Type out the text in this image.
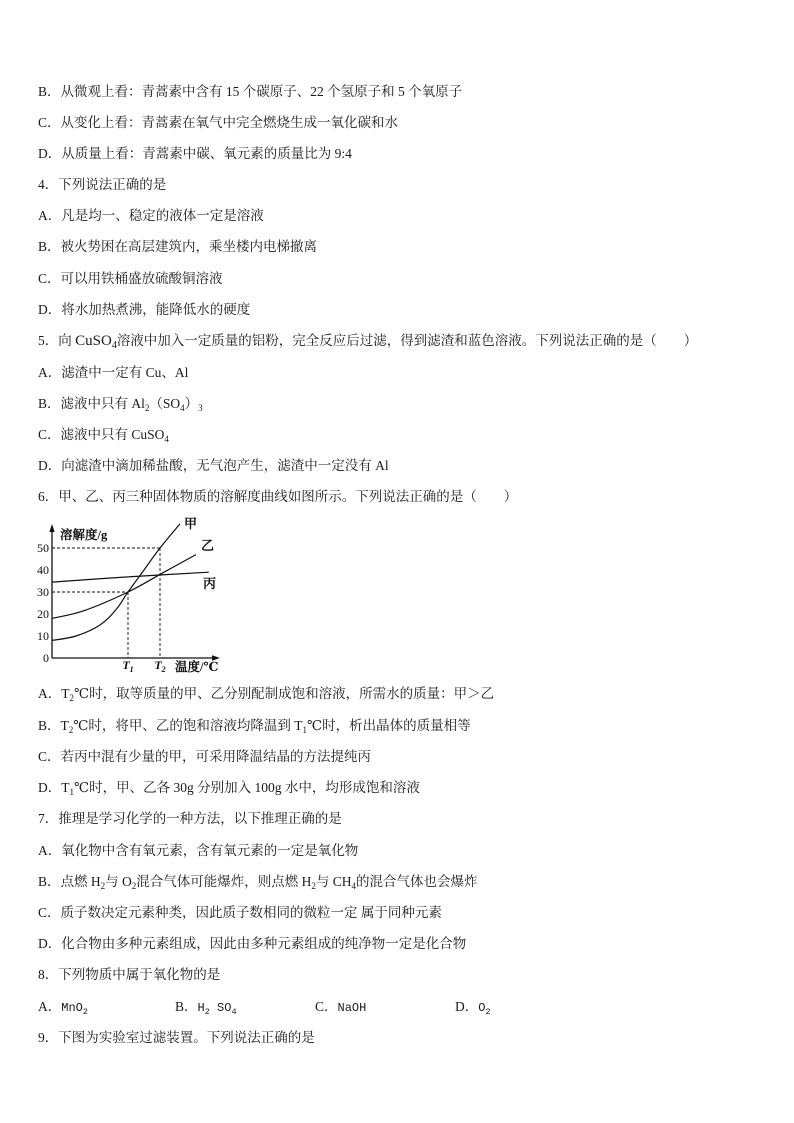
B．从微观上看：青蒿素中含有 15 个碳原子、22 个氢原子和 5 个氧原子
C．从变化上看：青蒿素在氧气中完全燃烧生成一氧化碳和水
D．从质量上看：青蒿素中碳、氧元素的质量比为 9:4
4．下列说法正确的是
A．凡是均一、稳定的液体一定是溶液
B．被火势困在高层建筑内，乘坐楼内电梯撤离
C．可以用铁桶盛放硫酸铜溶液
D．将水加热煮沸，能降低水的硬度
5．向 CuSO$_4$溶液中加入一定质量的铝粉，完全反应后过滤，得到滤渣和蓝色溶液。下列说法正确的是（　　）
A．滤渣中一定有 Cu、Al
B．滤液中只有 $Al_2(SO_4)_3$
C．滤液中只有 CuSO$_4$
D．向滤渣中滴加稀盐酸，无气泡产生，滤渣中一定没有 Al
6．甲、乙、丙三种固体物质的溶解度曲线如图所示。下列说法正确的是（　　）
溶解度/g
温度/℃
0
10
20
30
40
50
$T_1$ $T_2$
甲
乙
丙
A．$T_2℃$时，取等质量的甲、乙分别配制成饱和溶液，所需水的质量：甲＞乙
B．$T_2℃$时，将甲、乙的饱和溶液均降温到 $T_1℃$时，析出晶体的质量相等
C．若丙中混有少量的甲，可采用降温结晶的方法提纯丙
D．$T_1℃$时，甲、乙各 30g 分别加入 100g 水中，均形成饱和溶液
7．推理是学习化学的一种方法，以下推理正确的是
A．氧化物中含有氧元素，含有氧元素的一定是氧化物
B．点燃 $H_2$与 $O_2$混合气体可能爆炸，则点燃 $H_2$与 $CH_4$的混合气体也会爆炸
C．质子数决定元素种类，因此质子数相同的微粒一定 属于同种元素
D．化合物由多种元素组成，因此由多种元素组成的纯净物一定是化合物
8．下列物质中属于氧化物的是
A．MnO$_2$	B．$H_2$ $SO_4$	C．NaOH	D．$O_2$
9．下图为实验室过滤装置。下列说法正确的是
